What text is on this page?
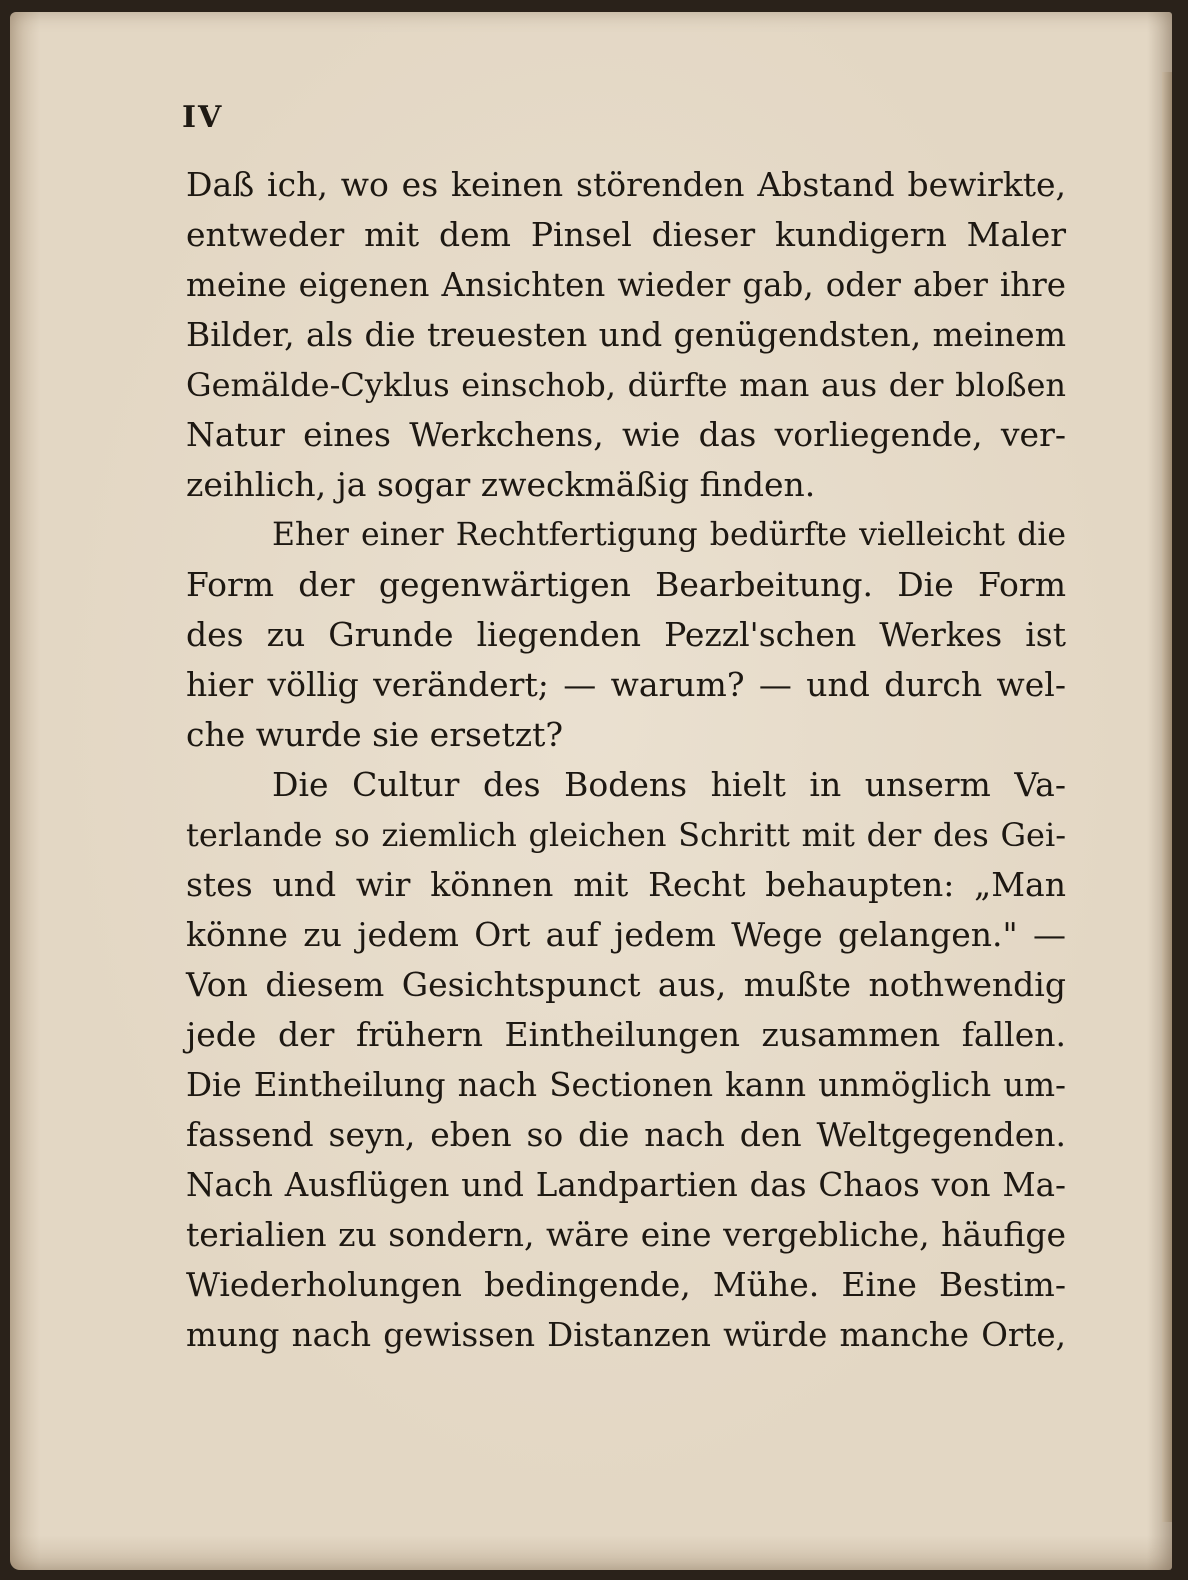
IV
Daß ich, wo es keinen störenden Abstand bewirkte,
entweder mit dem Pinsel dieser kundigern Maler
meine eigenen Ansichten wieder gab, oder aber ihre
Bilder, als die treuesten und genügendsten, meinem
Gemälde-Cyklus einschob, dürfte man aus der bloßen
Natur eines Werkchens, wie das vorliegende, ver-
zeihlich, ja sogar zweckmäßig finden.
Eher einer Rechtfertigung bedürfte vielleicht die
Form der gegenwärtigen Bearbeitung. Die Form
des zu Grunde liegenden Pezzl'schen Werkes ist
hier völlig verändert; — warum? — und durch wel-
che wurde sie ersetzt?
Die Cultur des Bodens hielt in unserm Va-
terlande so ziemlich gleichen Schritt mit der des Gei-
stes und wir können mit Recht behaupten: „Man
könne zu jedem Ort auf jedem Wege gelangen." —
Von diesem Gesichtspunct aus, mußte nothwendig
jede der frühern Eintheilungen zusammen fallen.
Die Eintheilung nach Sectionen kann unmöglich um-
fassend seyn, eben so die nach den Weltgegenden.
Nach Ausflügen und Landpartien das Chaos von Ma-
terialien zu sondern, wäre eine vergebliche, häufige
Wiederholungen bedingende, Mühe. Eine Bestim-
mung nach gewissen Distanzen würde manche Orte,
